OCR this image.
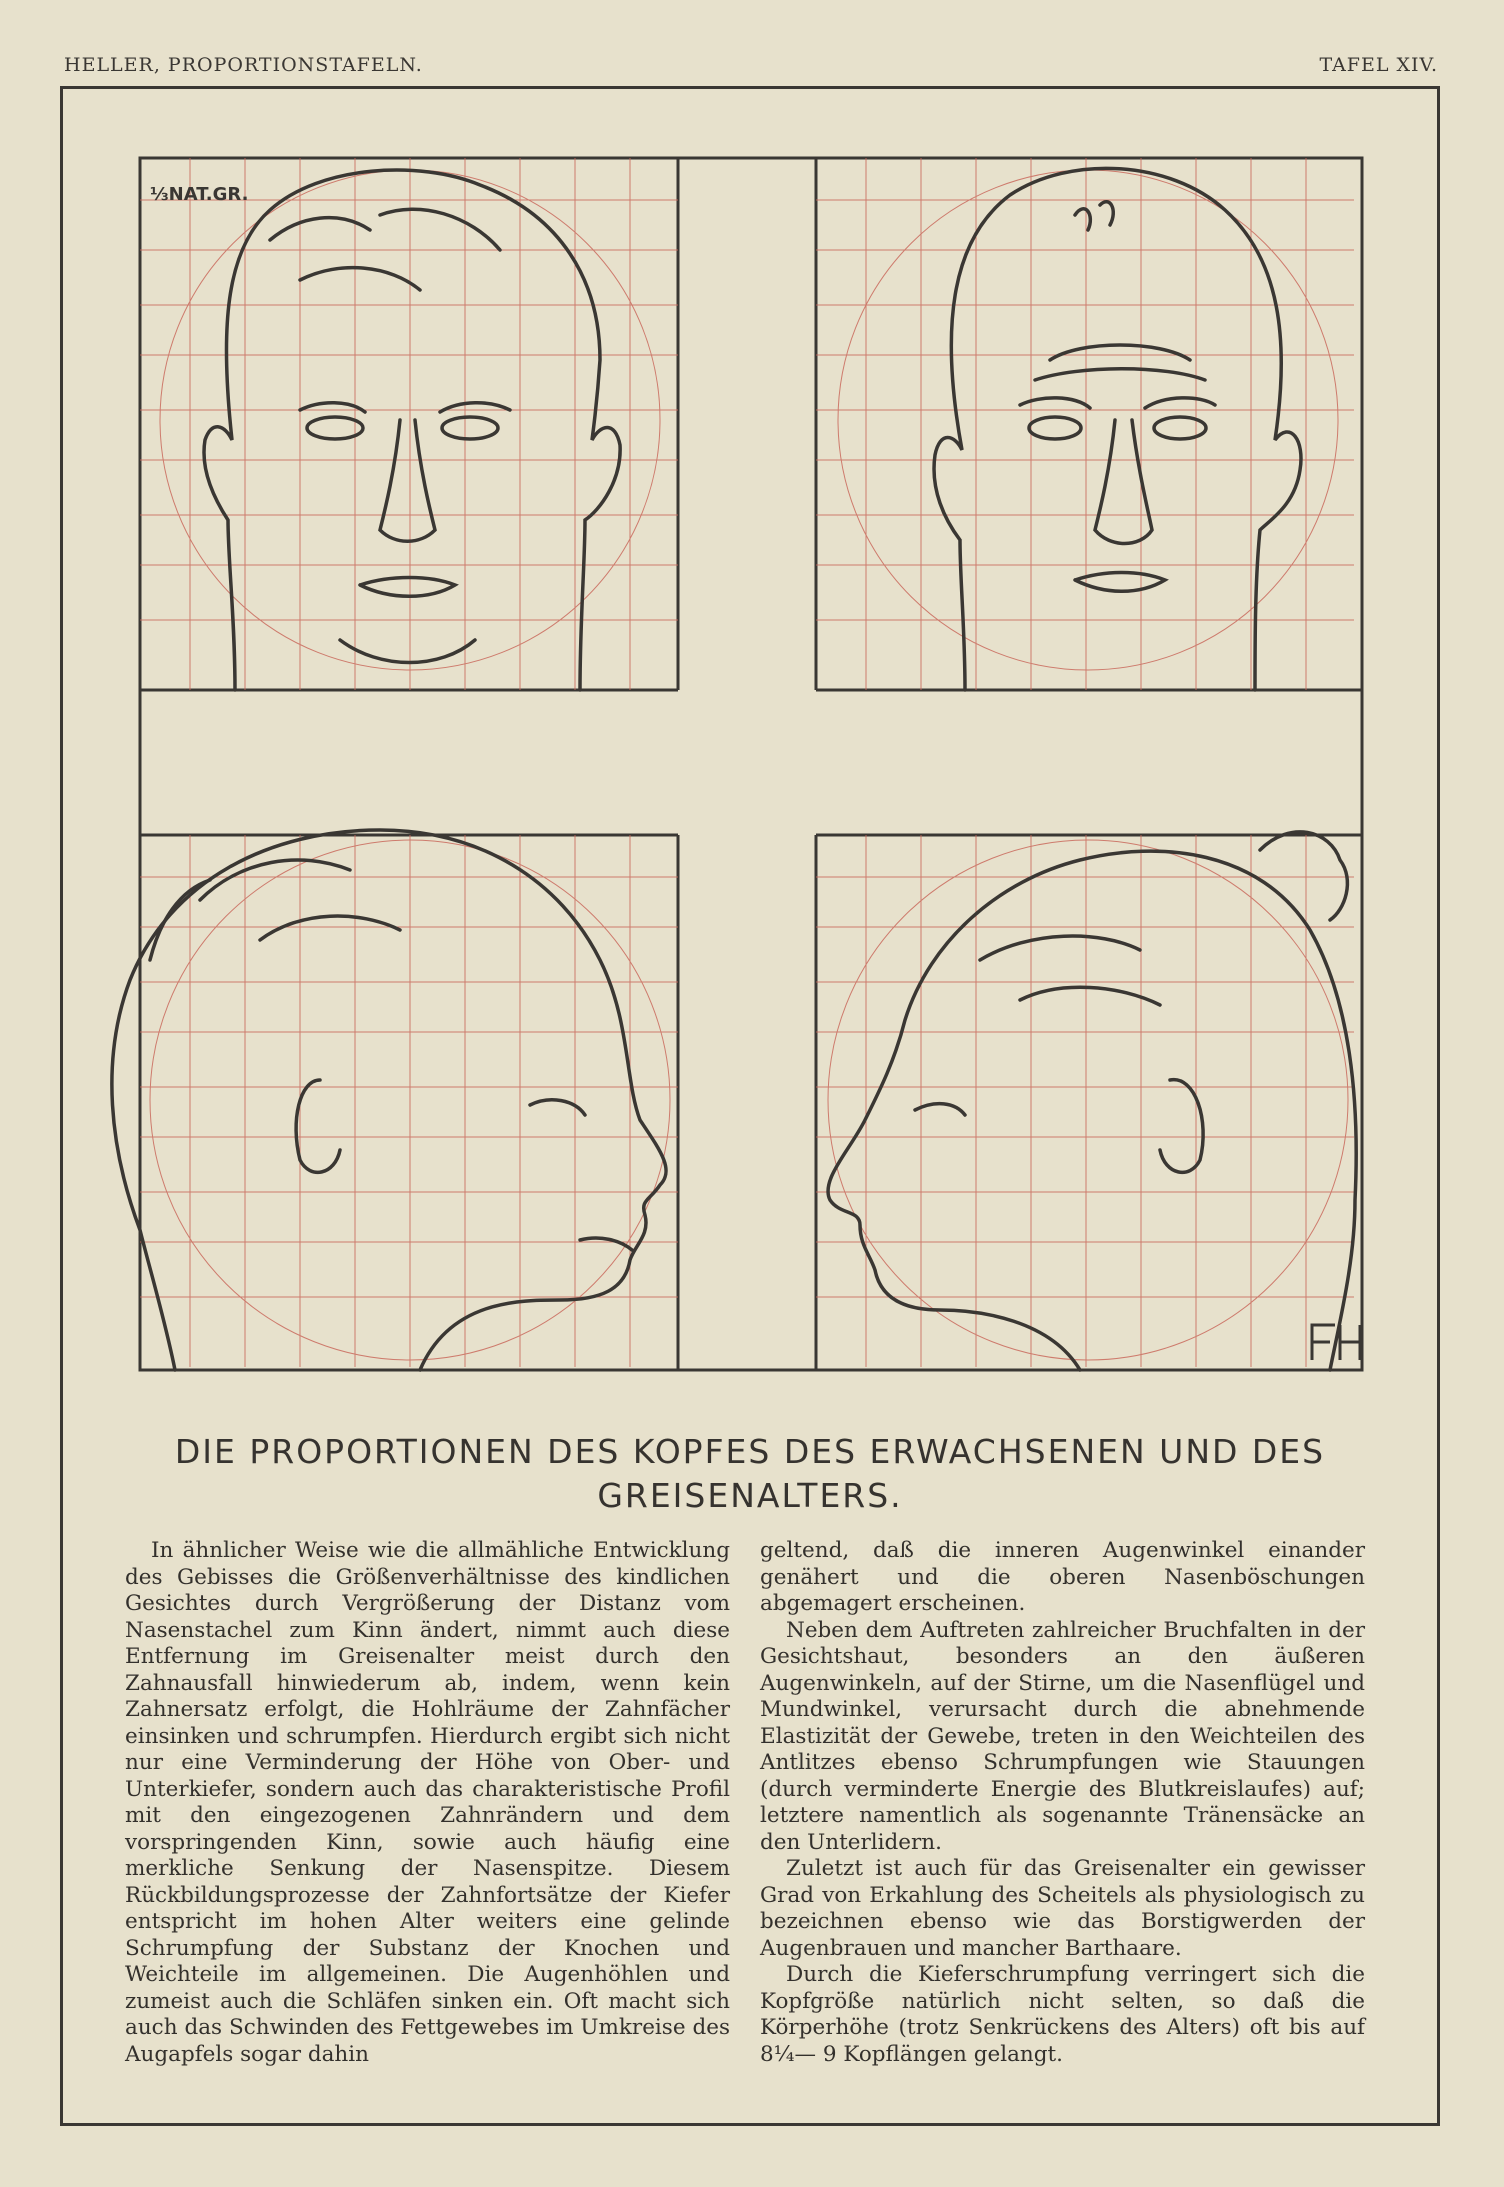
HELLER, PROPORTIONSTAFELN.	TAFEL XIV.
⅓NAT.GR.
DIE PROPORTIONEN DES KOPFES DES ERWACHSENEN UND DES GREISENALTERS.

In ähnlicher Weise wie die allmähliche Entwicklung des Gebisses die Größenverhältnisse des kindlichen Gesichtes durch Vergrößerung der Distanz vom Nasenstachel zum Kinn ändert, nimmt auch diese Entfernung im Greisenalter meist durch den Zahnausfall hinwiederum ab, indem, wenn kein Zahnersatz erfolgt, die Hohlräume der Zahnfächer einsinken und schrumpfen. Hierdurch ergibt sich nicht nur eine Verminderung der Höhe von Ober- und Unterkiefer, sondern auch das charakteristische Profil mit den eingezogenen Zahnrändern und dem vorspringenden Kinn, sowie auch häufig eine merkliche Senkung der Nasenspitze. Diesem Rückbildungsprozesse der Zahnfortsätze der Kiefer entspricht im hohen Alter weiters eine gelinde Schrumpfung der Substanz der Knochen und Weichteile im allgemeinen. Die Augenhöhlen und zumeist auch die Schläfen sinken ein. Oft macht sich auch das Schwinden des Fettgewebes im Umkreise des Augapfels sogar dahin

geltend, daß die inneren Augenwinkel einander genähert und die oberen Nasenböschungen abgemagert erscheinen.

Neben dem Auftreten zahlreicher Bruchfalten in der Gesichtshaut, besonders an den äußeren Augenwinkeln, auf der Stirne, um die Nasenflügel und Mundwinkel, verursacht durch die abnehmende Elastizität der Gewebe, treten in den Weichteilen des Antlitzes ebenso Schrumpfungen wie Stauungen (durch verminderte Energie des Blutkreislaufes) auf; letztere namentlich als sogenannte Tränensäcke an den Unterlidern.

Zuletzt ist auch für das Greisenalter ein gewisser Grad von Erkahlung des Scheitels als physiologisch zu bezeichnen ebenso wie das Borstigwerden der Augenbrauen und mancher Barthaare.

Durch die Kieferschrumpfung verringert sich die Kopfgröße natürlich nicht selten, so daß die Körperhöhe (trotz Senkrückens des Alters) oft bis auf 8¼— 9 Kopflängen gelangt.
